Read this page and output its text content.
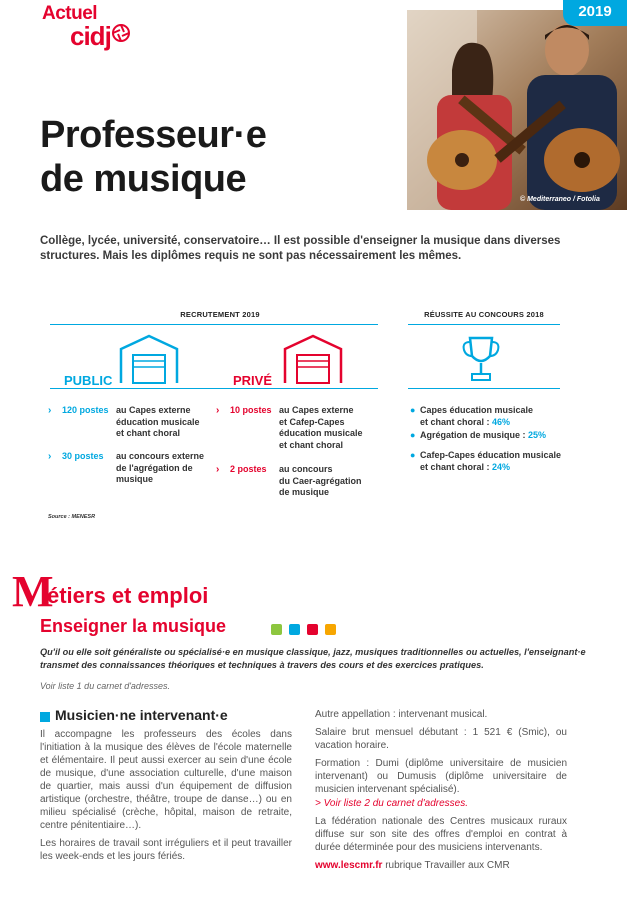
Actuel
cidj
2019
© Mediterraneo / Fotolia
Professeur·e
de musique
Collège, lycée, université, conservatoire… Il est possible d'enseigner la musique dans diverses structures. Mais les diplômes requis ne sont pas nécessairement les mêmes.
RECRUTEMENT 2019
PUBLIC	PRIVÉ
› 120 postes au Capes externe
éducation musicale
et chant choral
› 30 postes au concours externe
de l'agrégation de
musique
› 10 postes au Capes externe
et Cafep-Capes
éducation musicale
et chant choral
› 2 postes au concours
du Caer-agrégation
de musique
RÉUSSITE AU CONCOURS 2018
● Capes éducation musicale
et chant choral : 46%
● Agrégation de musique : 25%
● Cafep-Capes éducation musicale
et chant choral : 24%
Source : MENESR
M
étiers et emploi
Enseigner la musique
Qu'il ou elle soit généraliste ou spécialisé·e en musique classique, jazz, musiques traditionnelles ou actuelles, l'enseignant·e transmet des connaissances théoriques et techniques à travers des cours et des exercices pratiques.
Voir liste 1 du carnet d'adresses.
Musicien·ne intervenant·e

Il accompagne les professeurs des écoles dans l'initiation à la musique des élèves de l'école maternelle et élémentaire. Il peut aussi exercer au sein d'une école de musique, d'une association culturelle, d'une maison de quartier, mais aussi d'un équipement de diffusion artistique (orchestre, théâtre, troupe de danse…) ou en milieu spécialisé (crèche, hôpital, maison de retraite, centre pénitentiaire…).

Les horaires de travail sont irréguliers et il peut travailler les week-ends et les jours fériés.

Autre appellation : intervenant musical.

Salaire brut mensuel débutant : 1 521 € (Smic), ou vacation horaire.

Formation : Dumi (diplôme universitaire de musicien intervenant) ou Dumusis (diplôme universitaire de musicien intervenant spécialisé).

> Voir liste 2 du carnet d'adresses.

La fédération nationale des Centres musicaux ruraux diffuse sur son site des offres d'emploi en contrat à durée déterminée pour des musiciens intervenants.

www.lescmr.fr rubrique Travailler aux CMR
